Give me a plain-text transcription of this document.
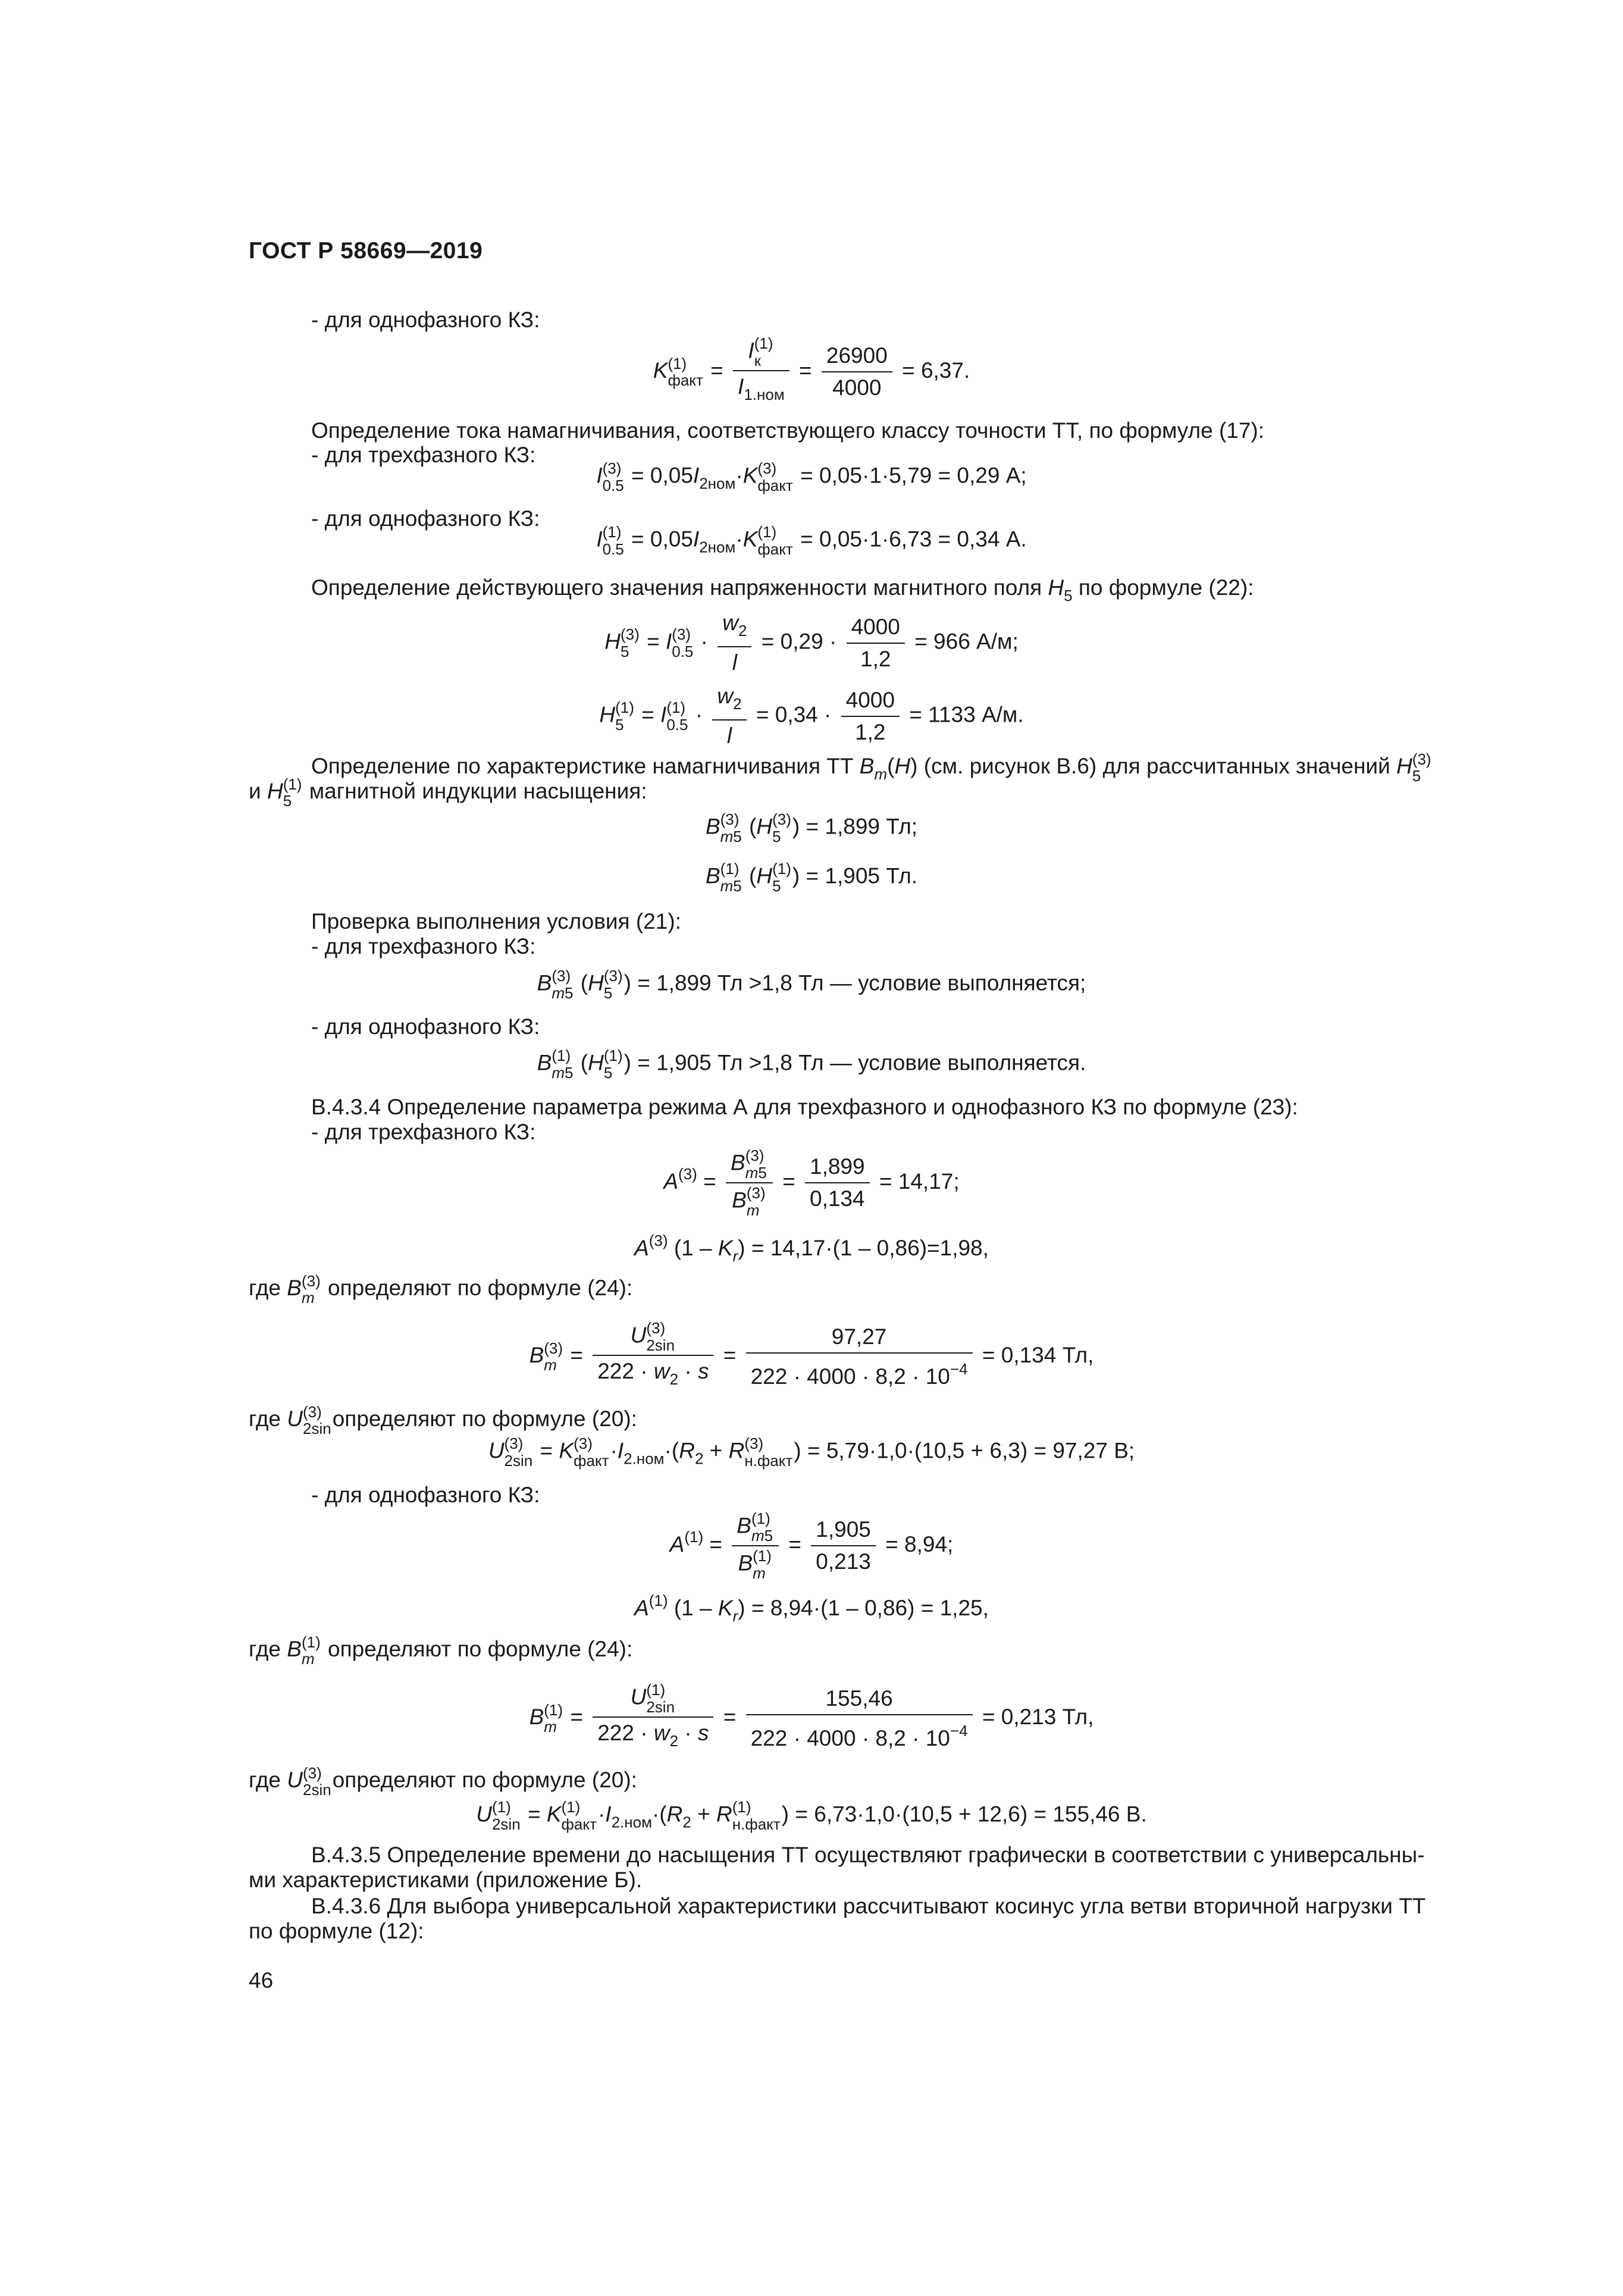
ГОСТ Р 58669—2019
- для однофазного КЗ:
K (1)
факт = I (1)
к
$I_{1.ном} = \frac{26900}{4000} = 6,37$.
Определение тока намагничивания, соответствующего классу точности ТТ, по формуле (17):
- для трехфазного КЗ:
I (3)
$0.5 = 0,05I_{2ном}\cdot K$ (3)
факт = 0,05·1·5,79 = 0,29 А;
- для однофазного КЗ:
I (1)
$0.5 = 0,05I_{2ном}\cdot K$ (1)
факт = 0,05·1·6,73 = 0,34 А.
Определение действующего значения напряженности магнитного поля $H_5$ по формуле (22):
H (3)
5 = I (3)
$0.5 \cdot \frac{w_2}{l} = 0,29 \cdot \frac{4000}{1,2} = 966$ А/м;
H (1)
5 = I (1)
$0.5 \cdot \frac{w_2}{l} = 0,34 \cdot \frac{4000}{1,2} = 1133$ А/м.
Определение по характеристике намагничивания ТТ $B_m(H)$ (см. рисунок В.6) для рассчитанных значений H (3)
5
и H (1)
5 магнитной индукции насыщения:
B (3)
m5 (H (3)
5 ) = 1,899 Тл;
B (1)
m5 (H (1)
5 ) = 1,905 Тл.
Проверка выполнения условия (21):
- для трехфазного КЗ:
B (3)
m5 (H (3)
5 ) = 1,899 Тл >1,8 Тл — условие выполняется;
- для однофазного КЗ:
B (1)
m5 (H (1)
5 ) = 1,905 Тл >1,8 Тл — условие выполняется.
В.4.3.4 Определение параметра режима А для трехфазного и однофазного КЗ по формуле (23):
- для трехфазного КЗ:
$A^{(3)} = B$ (3)
m5
B (3)
$m = \frac{1,899}{0,134} = 14,17$;
$A^{(3)}$ $(1 - K_r) = 14,17\cdot(1 - 0,86)=1,98$,
где B (3)
m определяют по формуле (24):
B (3)
m = U (3)
2sin
$222 \cdot w_2 \cdot s = \frac{97,27}{222 \cdot 4000 \cdot 8,2 \cdot 10^{-4}} = 0,134$ Тл,
где U (3)
2sin определяют по формуле (20):
U (3)
2sin = K (3)
факт $\cdot I_{2.ном}\cdot(R_2 + R$ (3)
н.факт ) = 5,79·1,0·(10,5 + 6,3) = 97,27 В;
- для однофазного КЗ:
$A^{(1)} = B$ (1)
m5
B (1)
$m = \frac{1,905}{0,213} = 8,94$;
$A^{(1)}$ $(1 - K_r) = 8,94\cdot(1 - 0,86) = 1,25$,
где B (1)
m определяют по формуле (24):
B (1)
m = U (1)
2sin
$222 \cdot w_2 \cdot s = \frac{155,46}{222 \cdot 4000 \cdot 8,2 \cdot 10^{-4}} = 0,213$ Тл,
где U (3)
2sin определяют по формуле (20):
U (1)
2sin = K (1)
факт $\cdot I_{2.ном}\cdot(R_2 + R$ (1)
н.факт ) = 6,73·1,0·(10,5 + 12,6) = 155,46 В.
В.4.3.5 Определение времени до насыщения ТТ осуществляют графически в соответствии с универсальны-
ми характеристиками (приложение Б).
В.4.3.6 Для выбора универсальной характеристики рассчитывают косинус угла ветви вторичной нагрузки ТТ
по формуле (12):
46
